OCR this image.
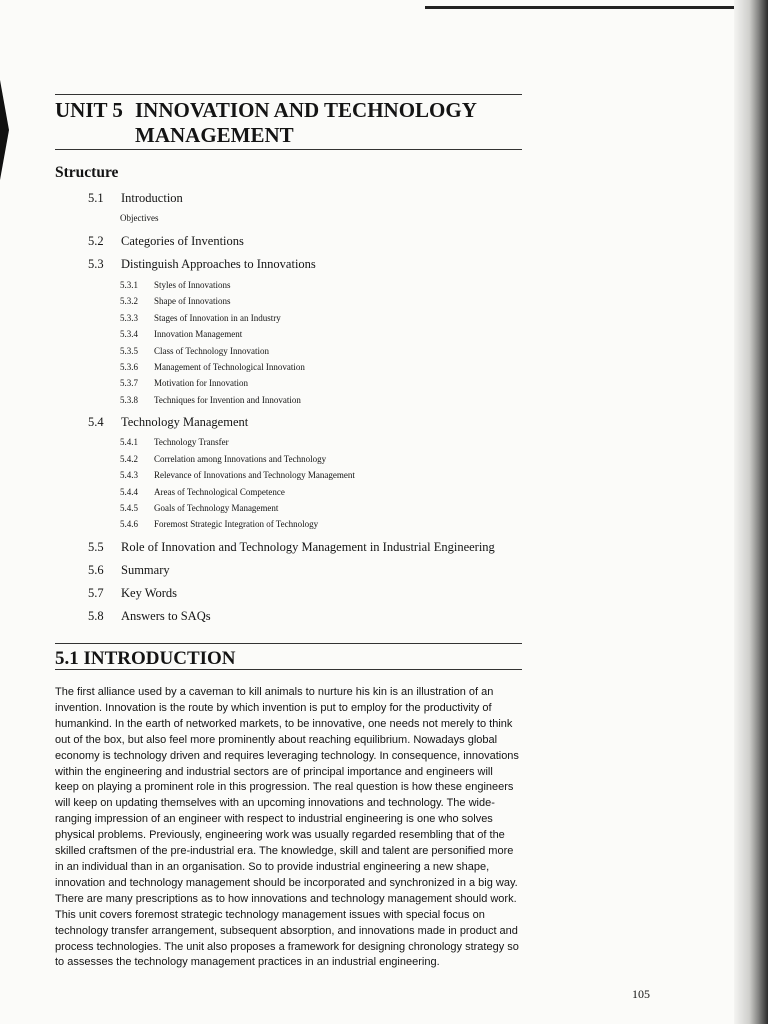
UNIT 5 INNOVATION AND TECHNOLOGY
MANAGEMENT
Structure
5.1 Introduction
Objectives
5.2 Categories of Inventions
5.3 Distinguish Approaches to Innovations
5.3.1 Styles of Innovations
5.3.2 Shape of Innovations
5.3.3 Stages of Innovation in an Industry
5.3.4 Innovation Management
5.3.5 Class of Technology Innovation
5.3.6 Management of Technological Innovation
5.3.7 Motivation for Innovation
5.3.8 Techniques for Invention and Innovation
5.4 Technology Management
5.4.1 Technology Transfer
5.4.2 Correlation among Innovations and Technology
5.4.3 Relevance of Innovations and Technology Management
5.4.4 Areas of Technological Competence
5.4.5 Goals of Technology Management
5.4.6 Foremost Strategic Integration of Technology
5.5 Role of Innovation and Technology Management in Industrial Engineering
5.6 Summary
5.7 Key Words
5.8 Answers to SAQs
5.1 INTRODUCTION

The first alliance used by a caveman to kill animals to nurture his kin is an illustration of an invention. Innovation is the route by which invention is put to employ for the productivity of humankind. In the earth of networked markets, to be innovative, one needs not merely to think out of the box, but also feel more prominently about reaching equilibrium. Nowadays global economy is technology driven and requires leveraging technology. In consequence, innovations within the engineering and industrial sectors are of principal importance and engineers will keep on playing a prominent role in this progression. The real question is how these engineers will keep on updating themselves with an upcoming innovations and technology. The wide-ranging impression of an engineer with respect to industrial engineering is one who solves physical problems. Previously, engineering work was usually regarded resembling that of the skilled craftsmen of the pre-industrial era. The knowledge, skill and talent are personified more in an individual than in an organisation. So to provide industrial engineering a new shape, innovation and technology management should be incorporated and synchronized in a big way. There are many prescriptions as to how innovations and technology management should work. This unit covers foremost strategic technology management issues with special focus on technology transfer arrangement, subsequent absorption, and innovations made in product and process technologies. The unit also proposes a framework for designing chronology strategy so to assesses the technology management practices in an industrial engineering.

105
